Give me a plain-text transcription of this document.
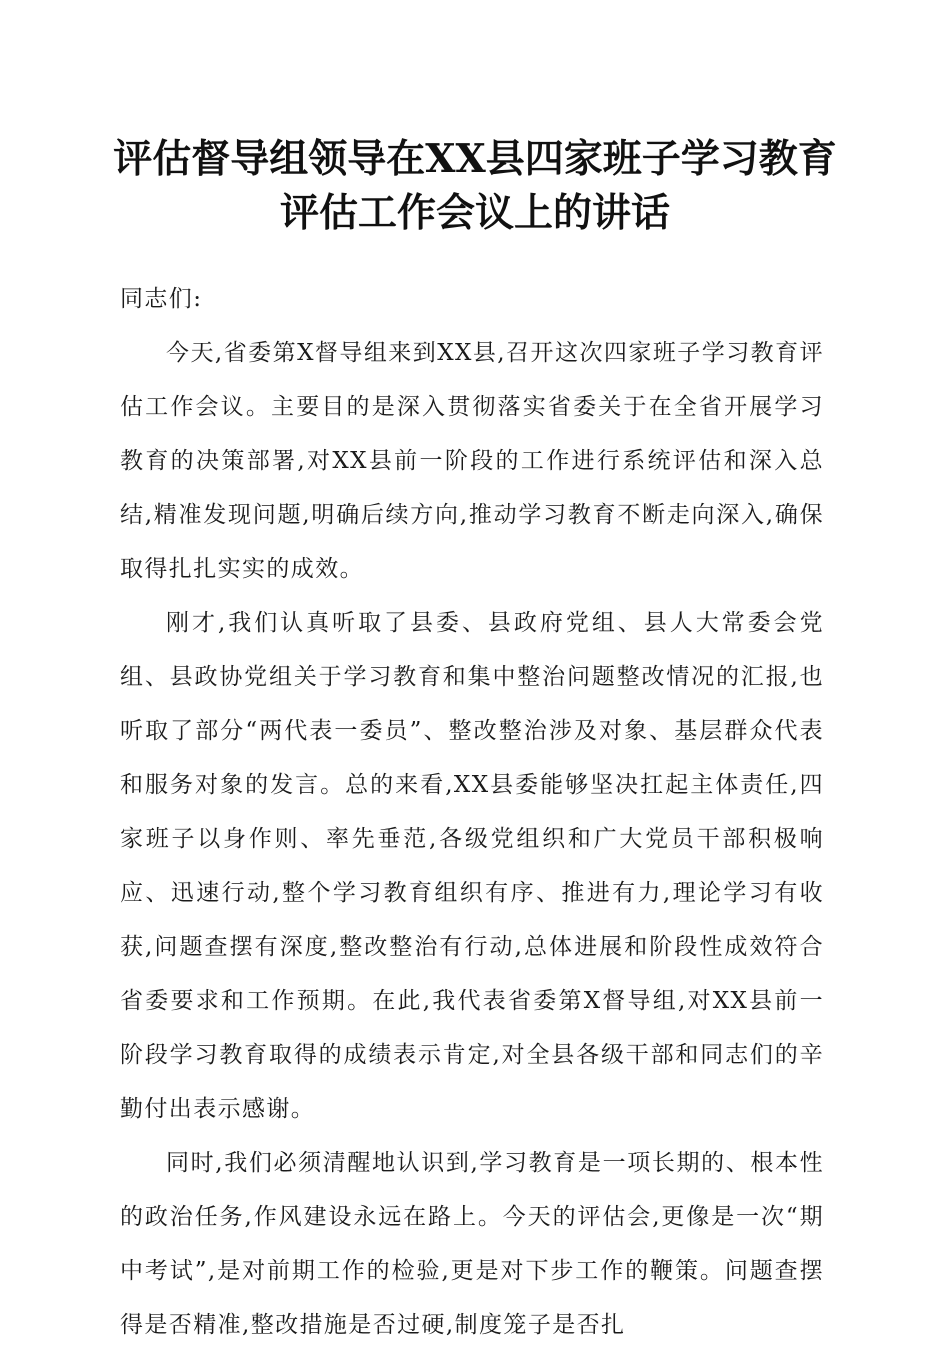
评估督导组领导在XX县四家班子学习教育评估工作会议上的讲话

同志们:

今天,省委第X督导组来到XX县,召开这次四家班子学习教育评估工作会议。主要目的是深入贯彻落实省委关于在全省开展学习教育的决策部署,对XX县前一阶段的工作进行系统评估和深入总结,精准发现问题,明确后续方向,推动学习教育不断走向深入,确保取得扎扎实实的成效。

刚才,我们认真听取了县委、县政府党组、县人大常委会党组、县政协党组关于学习教育和集中整治问题整改情况的汇报,也听取了部分“两代表一委员”、整改整治涉及对象、基层群众代表和服务对象的发言。总的来看,XX县委能够坚决扛起主体责任,四家班子以身作则、率先垂范,各级党组织和广大党员干部积极响应、迅速行动,整个学习教育组织有序、推进有力,理论学习有收获,问题查摆有深度,整改整治有行动,总体进展和阶段性成效符合省委要求和工作预期。在此,我代表省委第X督导组,对XX县前一阶段学习教育取得的成绩表示肯定,对全县各级干部和同志们的辛勤付出表示感谢。

同时,我们必须清醒地认识到,学习教育是一项长期的、根本性的政治任务,作风建设永远在路上。今天的评估会,更像是一次“期中考试”,是对前期工作的检验,更是对下步工作的鞭策。问题查摆得是否精准,整改措施是否过硬,制度笼子是否扎
